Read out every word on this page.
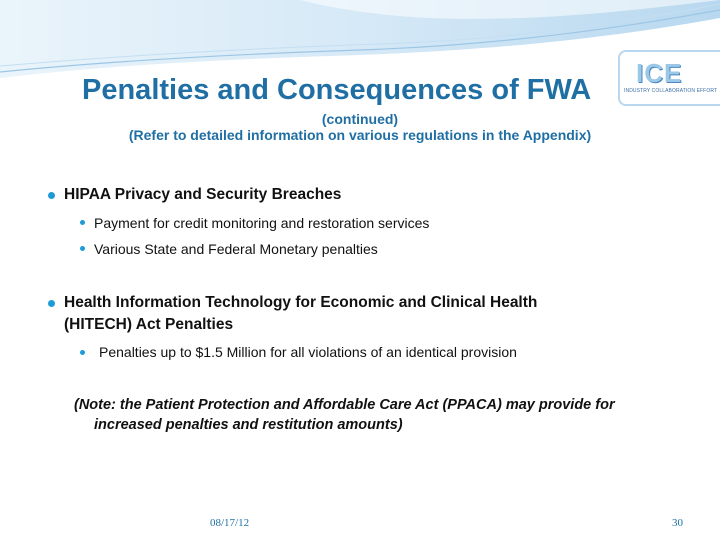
ICE
INDUSTRY COLLABORATION EFFORT
Penalties and Consequences of FWA
(continued)
(Refer to detailed information on various regulations in the Appendix)
HIPAA Privacy and Security Breaches
Payment for credit monitoring and restoration services
Various State and Federal Monetary penalties
Health Information Technology for Economic and Clinical Health
(HITECH) Act Penalties
Penalties up to $1.5 Million for all violations of an identical provision
(Note: the Patient Protection and Affordable Care Act (PPACA) may provide for
increased penalties and restitution amounts)
08/17/12	30
